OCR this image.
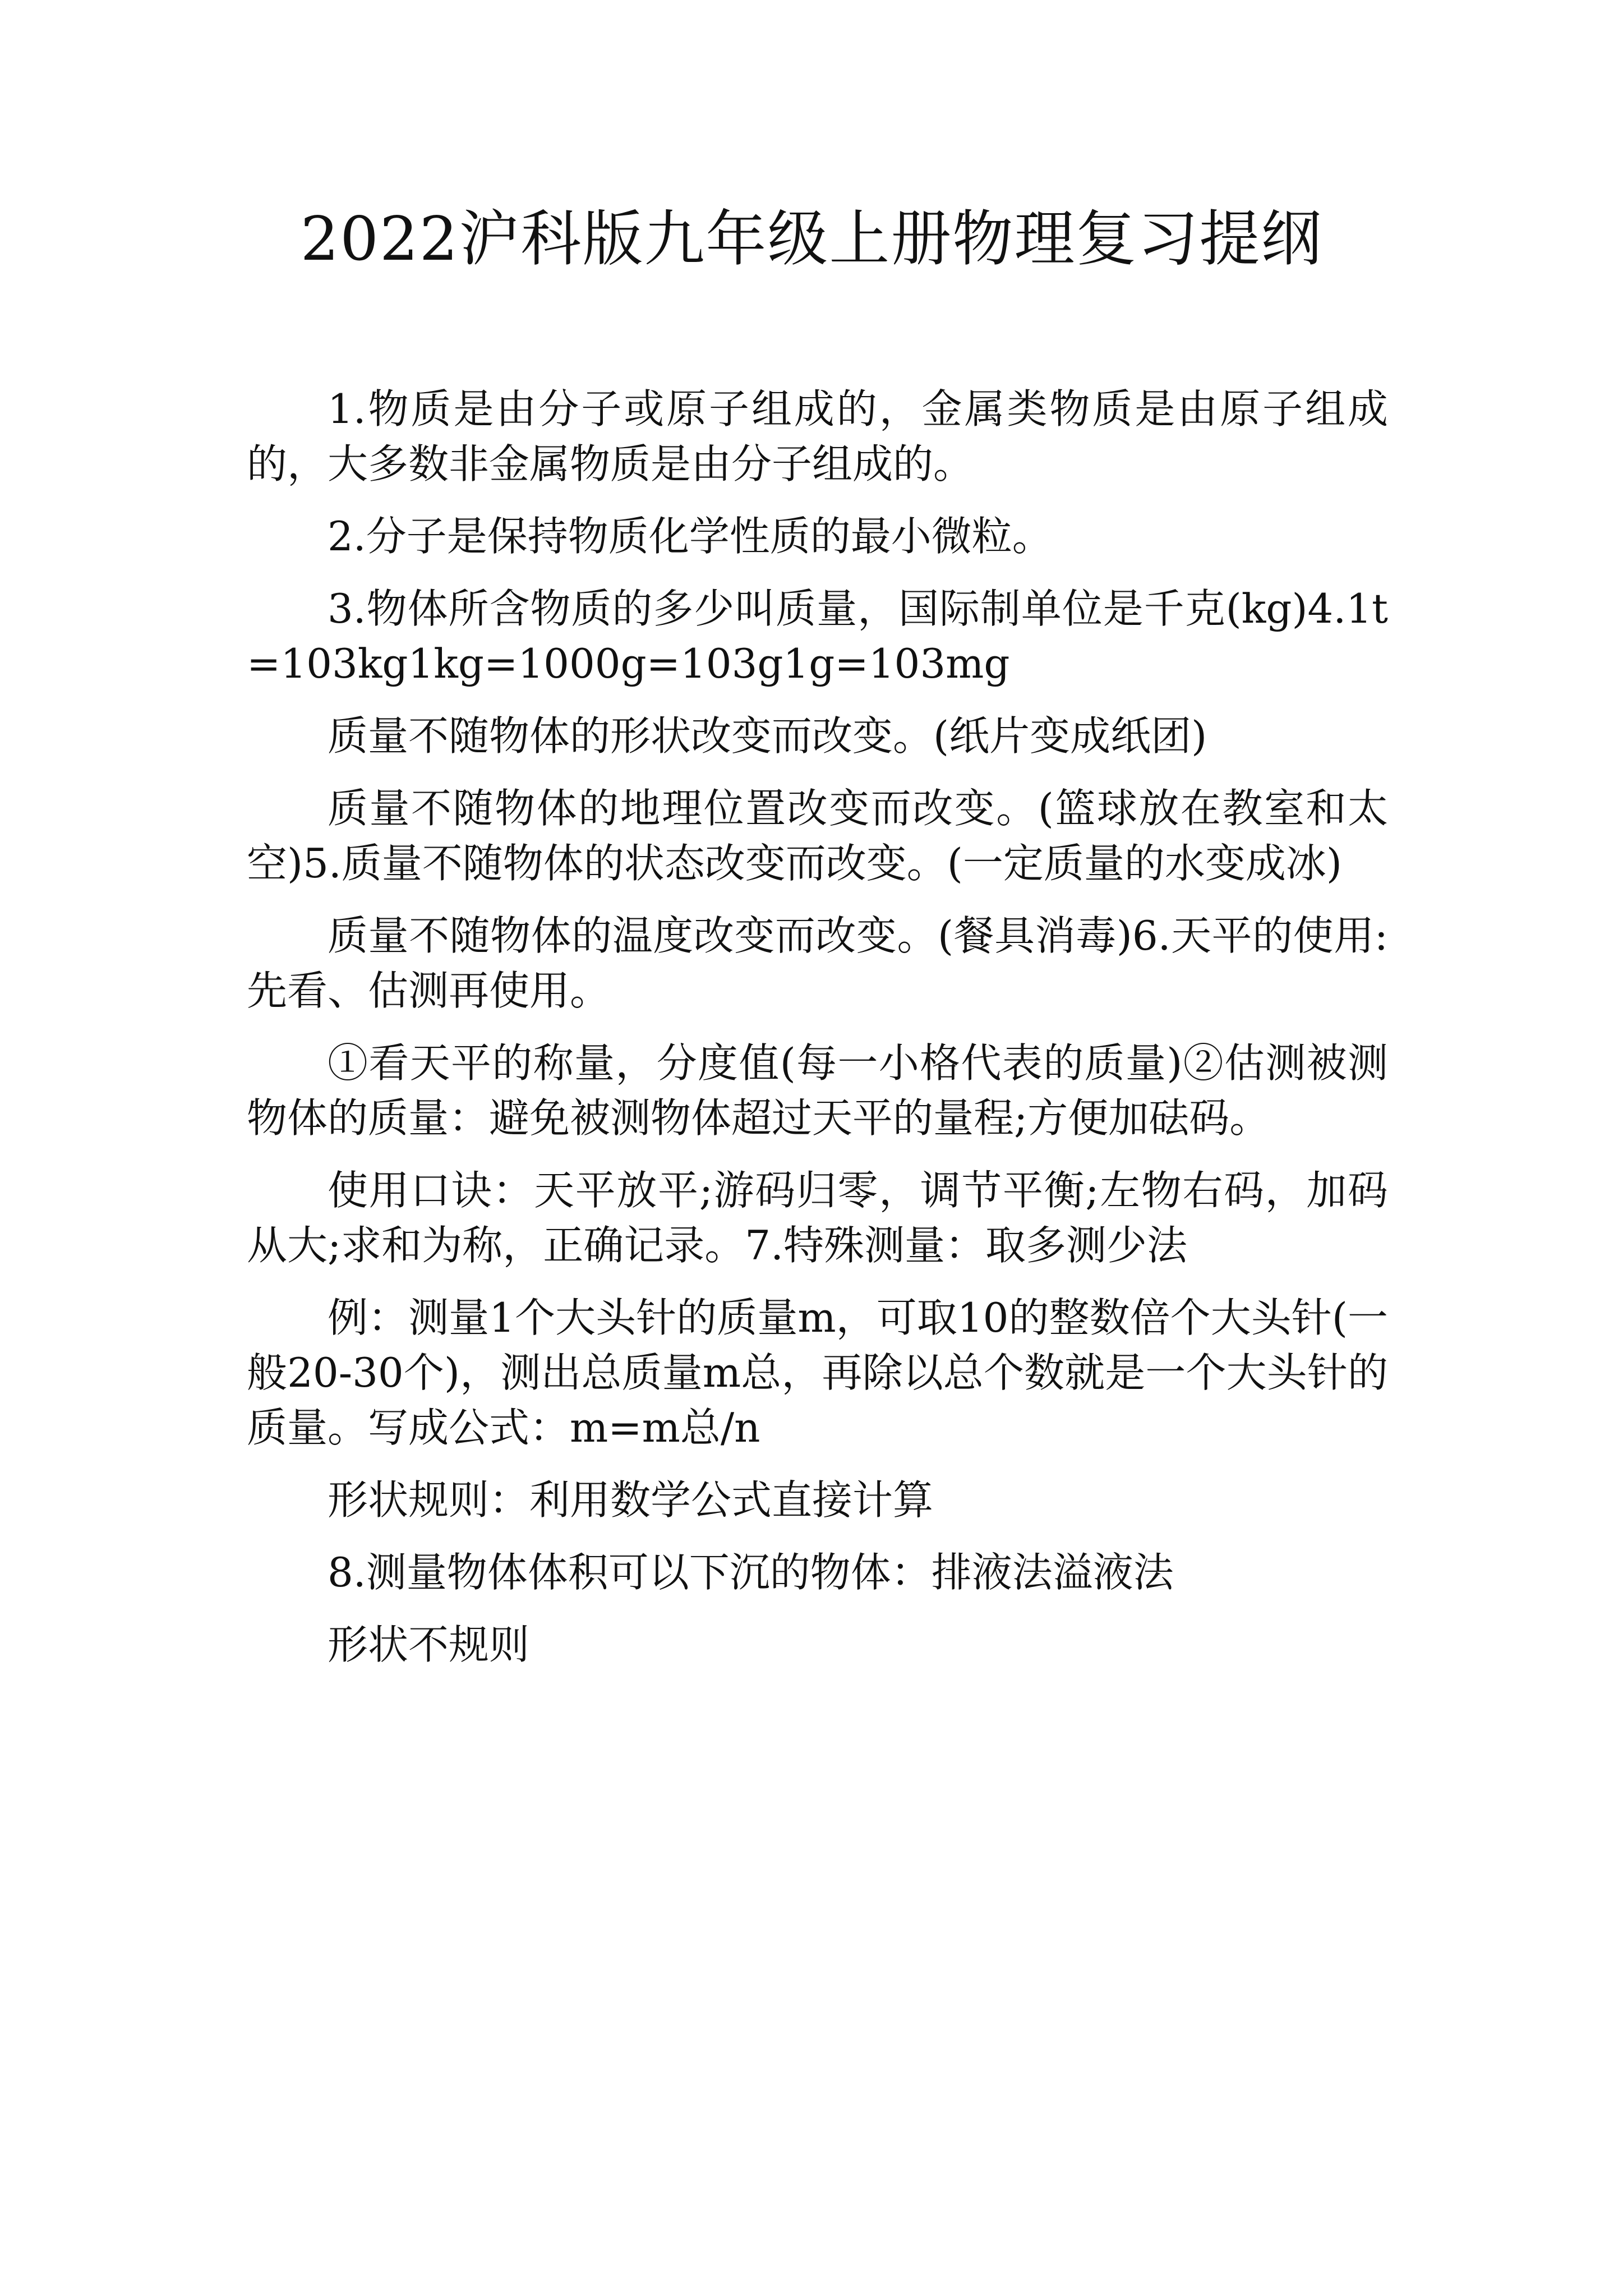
2022沪科版九年级上册物理复习提纲

1.物质是由分子或原子组成的，金属类物质是由原子组成的，大多数非金属物质是由分子组成的。

2.分子是保持物质化学性质的最小微粒。

3.物体所含物质的多少叫质量，国际制单位是千克(kg)4.1t=103kg1kg=1000g=103g1g=103mg

质量不随物体的形状改变而改变。(纸片变成纸团)

质量不随物体的地理位置改变而改变。(篮球放在教室和太空)5.质量不随物体的状态改变而改变。(一定质量的水变成冰)

质量不随物体的温度改变而改变。(餐具消毒)6.天平的使用:先看、估测再使用。

①看天平的称量，分度值(每一小格代表的质量)②估测被测物体的质量：避免被测物体超过天平的量程;方便加砝码。

使用口诀：天平放平;游码归零，调节平衡;左物右码，加码从大;求和为称，正确记录。7.特殊测量：取多测少法

例：测量1个大头针的质量m，可取10的整数倍个大头针(一般20-30个)，测出总质量m总，再除以总个数就是一个大头针的质量。写成公式：m=m总/n

形状规则：利用数学公式直接计算

8.测量物体体积可以下沉的物体：排液法溢液法

形状不规则
